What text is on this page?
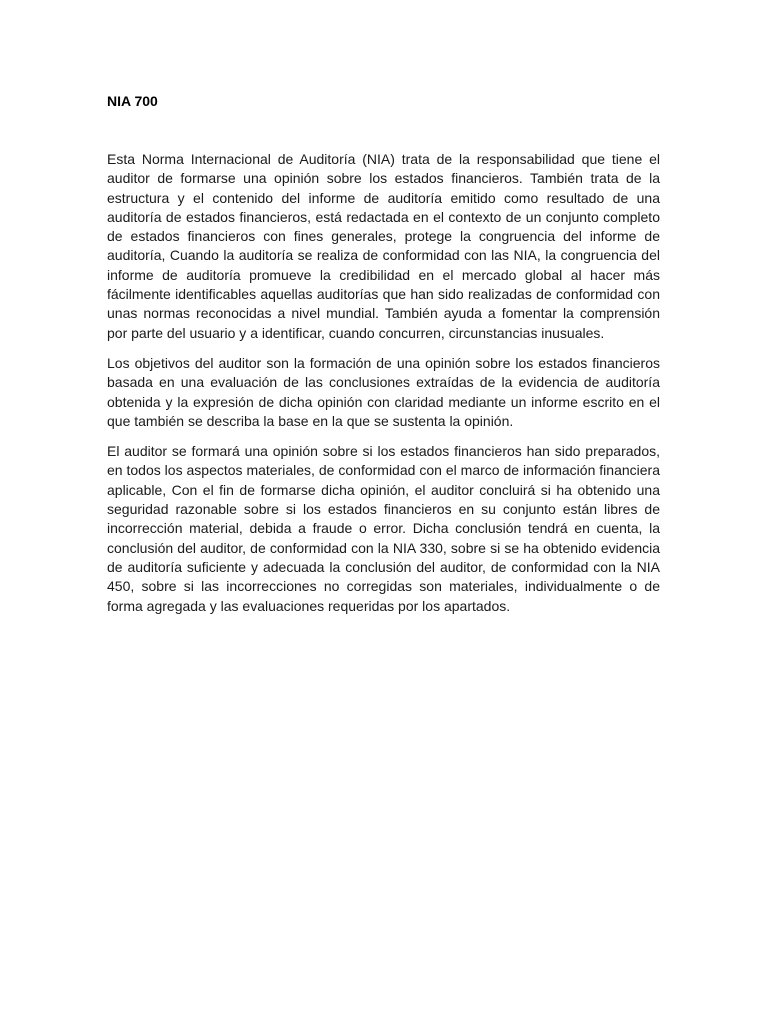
NIA 700

Esta Norma Internacional de Auditoría (NIA) trata de la responsabilidad que tiene el auditor de formarse una opinión sobre los estados financieros. También trata de la estructura y el contenido del informe de auditoría emitido como resultado de una auditoría de estados financieros, está redactada en el contexto de un conjunto completo de estados financieros con fines generales, protege la congruencia del informe de auditoría, Cuando la auditoría se realiza de conformidad con las NIA, la congruencia del informe de auditoría promueve la credibilidad en el mercado global al hacer más fácilmente identificables aquellas auditorías que han sido realizadas de conformidad con unas normas reconocidas a nivel mundial. También ayuda a fomentar la comprensión por parte del usuario y a identificar, cuando concurren, circunstancias inusuales.

Los objetivos del auditor son la formación de una opinión sobre los estados financieros basada en una evaluación de las conclusiones extraídas de la evidencia de auditoría obtenida y la expresión de dicha opinión con claridad mediante un informe escrito en el que también se describa la base en la que se sustenta la opinión.

El auditor se formará una opinión sobre si los estados financieros han sido preparados, en todos los aspectos materiales, de conformidad con el marco de información financiera aplicable, Con el fin de formarse dicha opinión, el auditor concluirá si ha obtenido una seguridad razonable sobre si los estados financieros en su conjunto están libres de incorrección material, debida a fraude o error. Dicha conclusión tendrá en cuenta, la conclusión del auditor, de conformidad con la NIA 330, sobre si se ha obtenido evidencia de auditoría suficiente y adecuada la conclusión del auditor, de conformidad con la NIA 450, sobre si las incorrecciones no corregidas son materiales, individualmente o de forma agregada y las evaluaciones requeridas por los apartados.
